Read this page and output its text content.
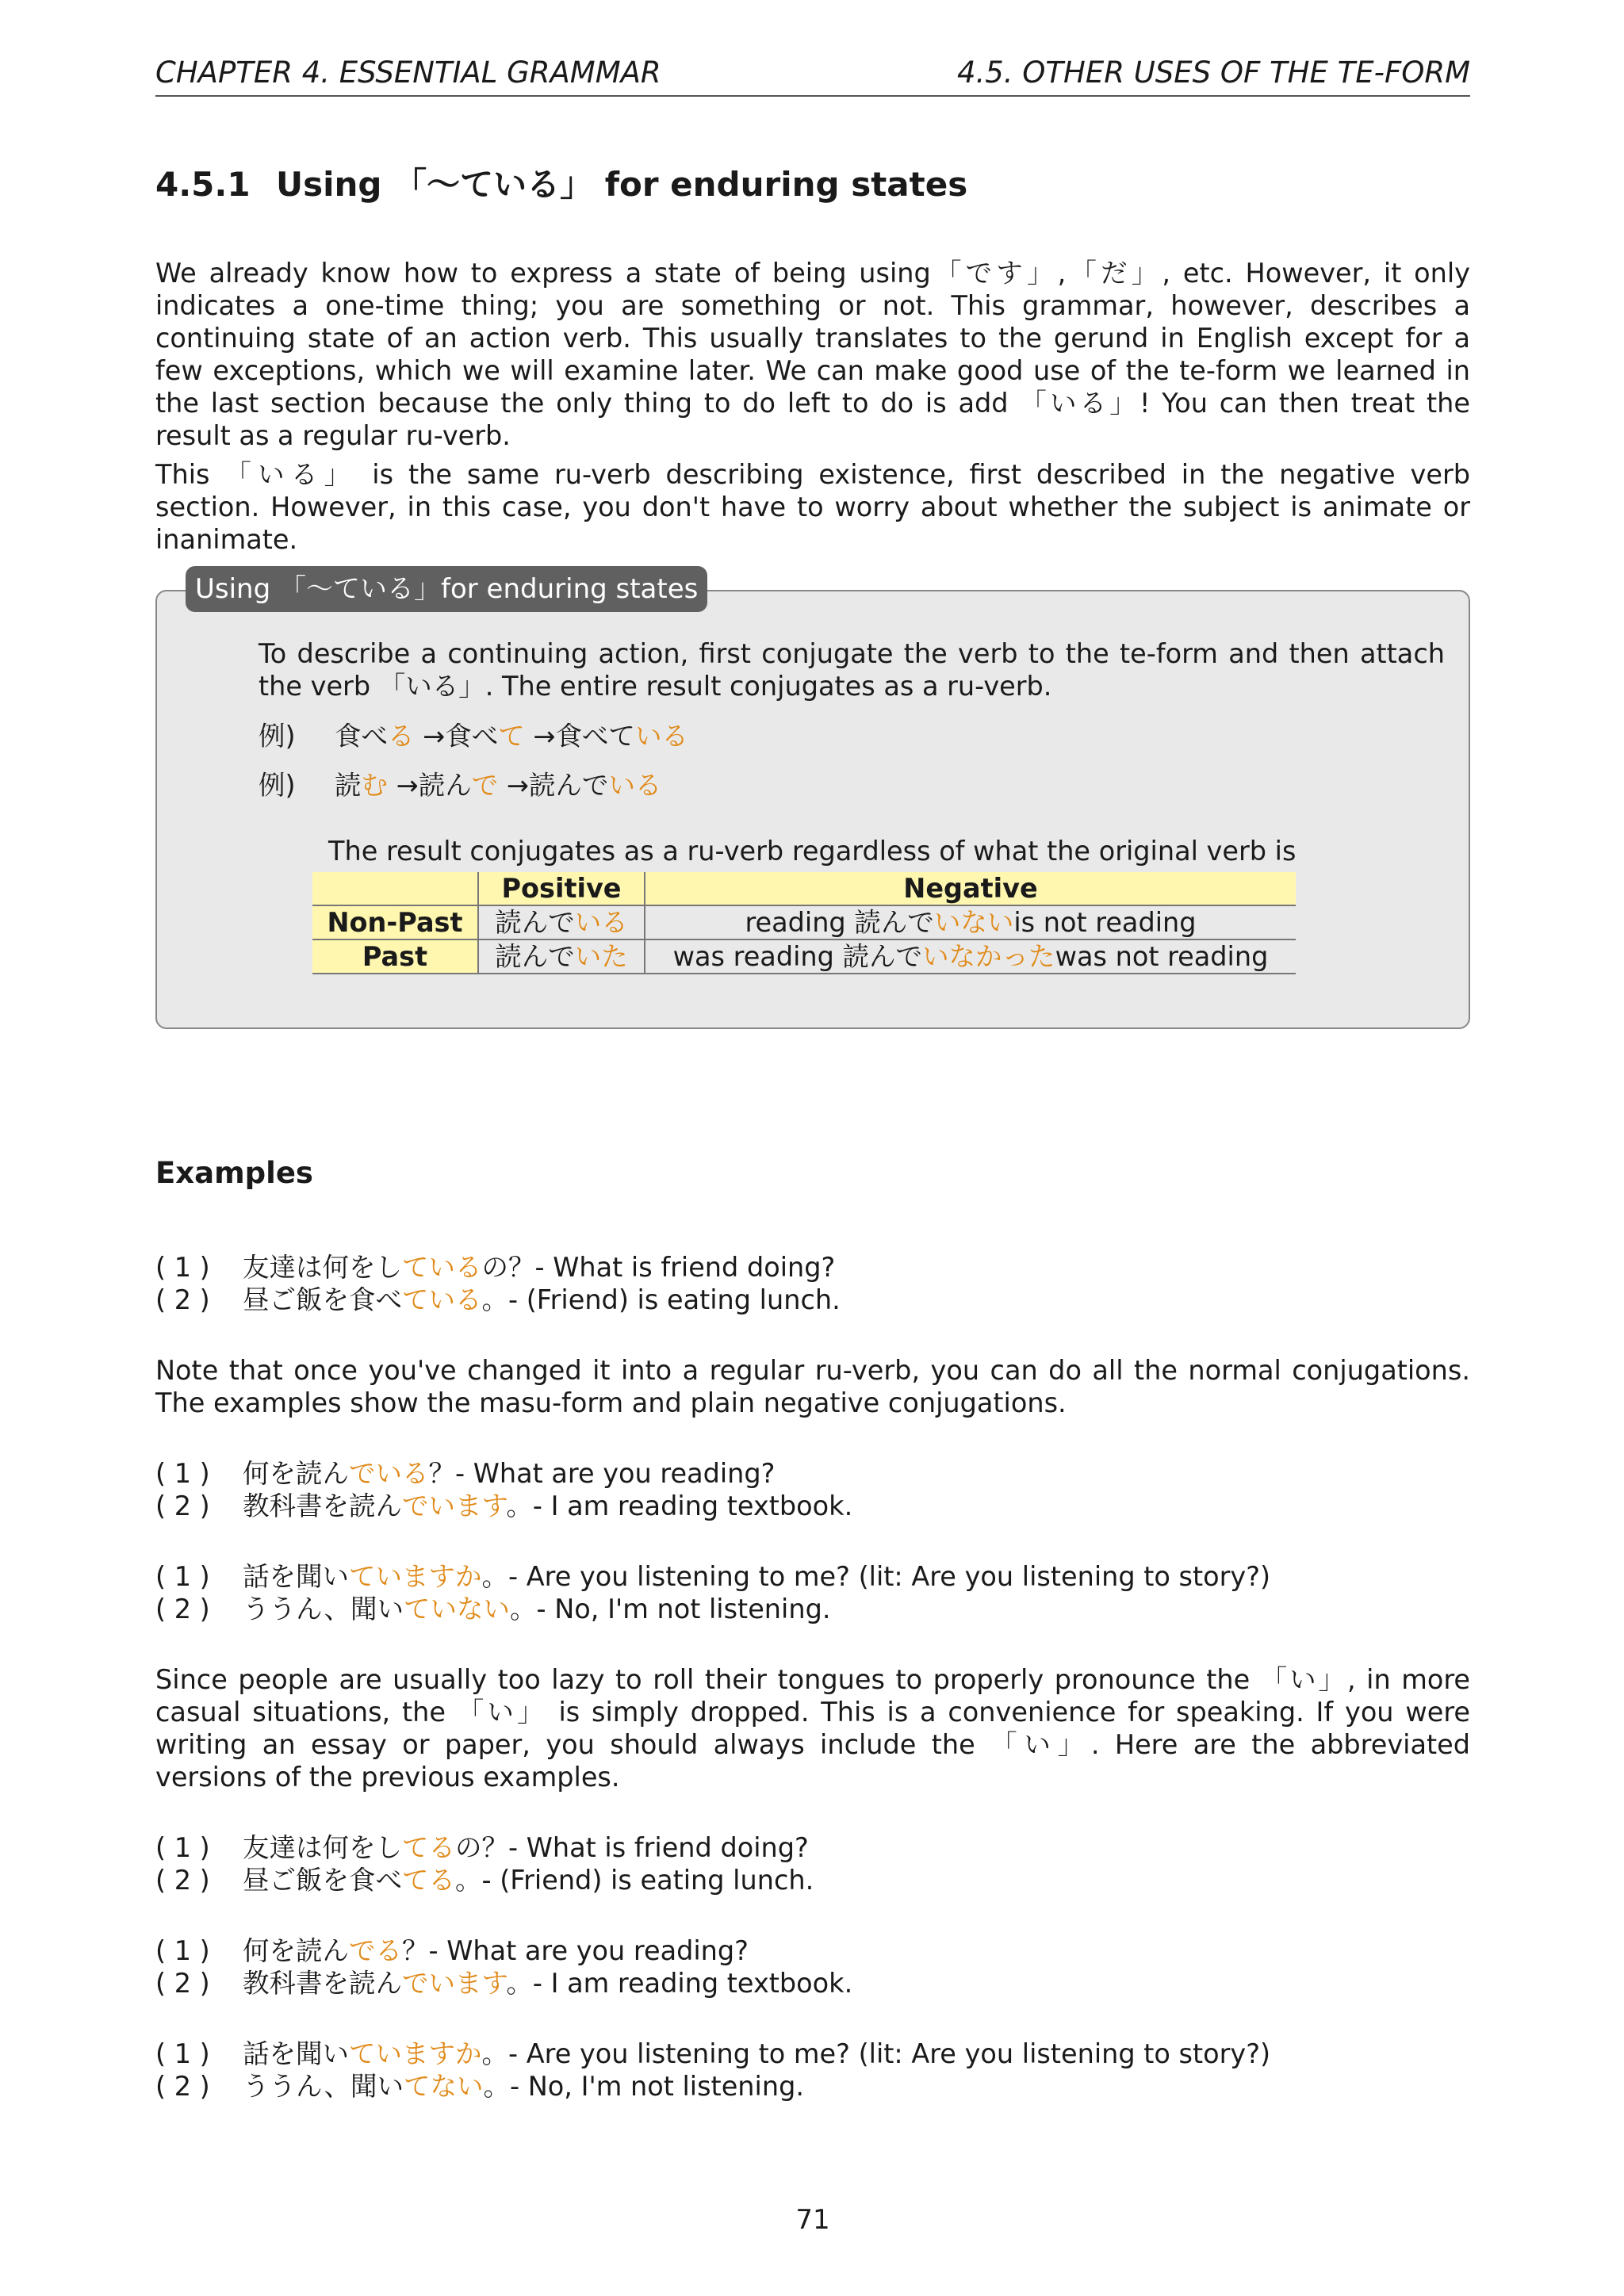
CHAPTER 4. ESSENTIAL GRAMMAR	4.5. OTHER USES OF THE TE-FORM
4.5.1 Using 「～ている」 for enduring states
We already know how to express a state of being using「です」,「だ」, etc. However, it only indicates a one-time thing; you are something or not. This grammar, however, describes a continuing state of an action verb. This usually translates to the gerund in English except for a few exceptions, which we will examine later. We can make good use of the te-form we learned in the last section because the only thing to do left to do is add 「いる」! You can then treat the result as a regular ru-verb.
This 「いる」 is the same ru-verb describing existence, first described in the negative verb section. However, in this case, you don't have to worry about whether the subject is animate or inanimate.
Using 「～ている」for enduring states
To describe a continuing action, first conjugate the verb to the te-form and then attach the verb 「いる」. The entire result conjugates as a ru-verb.
例) 食べる →食べて →食べている
例) 読む →読んで →読んでいる
The result conjugates as a ru-verb regardless of what the original verb is
	Positive	Negative
Non-Past	読んでいる	reading 読んでいないis not reading
Past	読んでいた	was reading 読んでいなかったwas not reading
Examples
( 1 ) 友達は何をしているの？- What is friend doing?
( 2 ) 昼ご飯を食べている。- (Friend) is eating lunch.
Note that once you've changed it into a regular ru-verb, you can do all the normal conjugations. The examples show the masu-form and plain negative conjugations.
( 1 ) 何を読んでいる？- What are you reading?
( 2 ) 教科書を読んでいます。- I am reading textbook.
( 1 ) 話を聞いていますか。- Are you listening to me? (lit: Are you listening to story?)
( 2 ) ううん、聞いていない。- No, I'm not listening.
Since people are usually too lazy to roll their tongues to properly pronounce the 「い」, in more casual situations, the 「い」 is simply dropped. This is a convenience for speaking. If you were writing an essay or paper, you should always include the 「い」. Here are the abbreviated versions of the previous examples.
( 1 ) 友達は何をしてるの？- What is friend doing?
( 2 ) 昼ご飯を食べてる。- (Friend) is eating lunch.
( 1 ) 何を読んでる？- What are you reading?
( 2 ) 教科書を読んでいます。- I am reading textbook.
( 1 ) 話を聞いていますか。- Are you listening to me? (lit: Are you listening to story?)
( 2 ) ううん、聞いてない。- No, I'm not listening.
71
